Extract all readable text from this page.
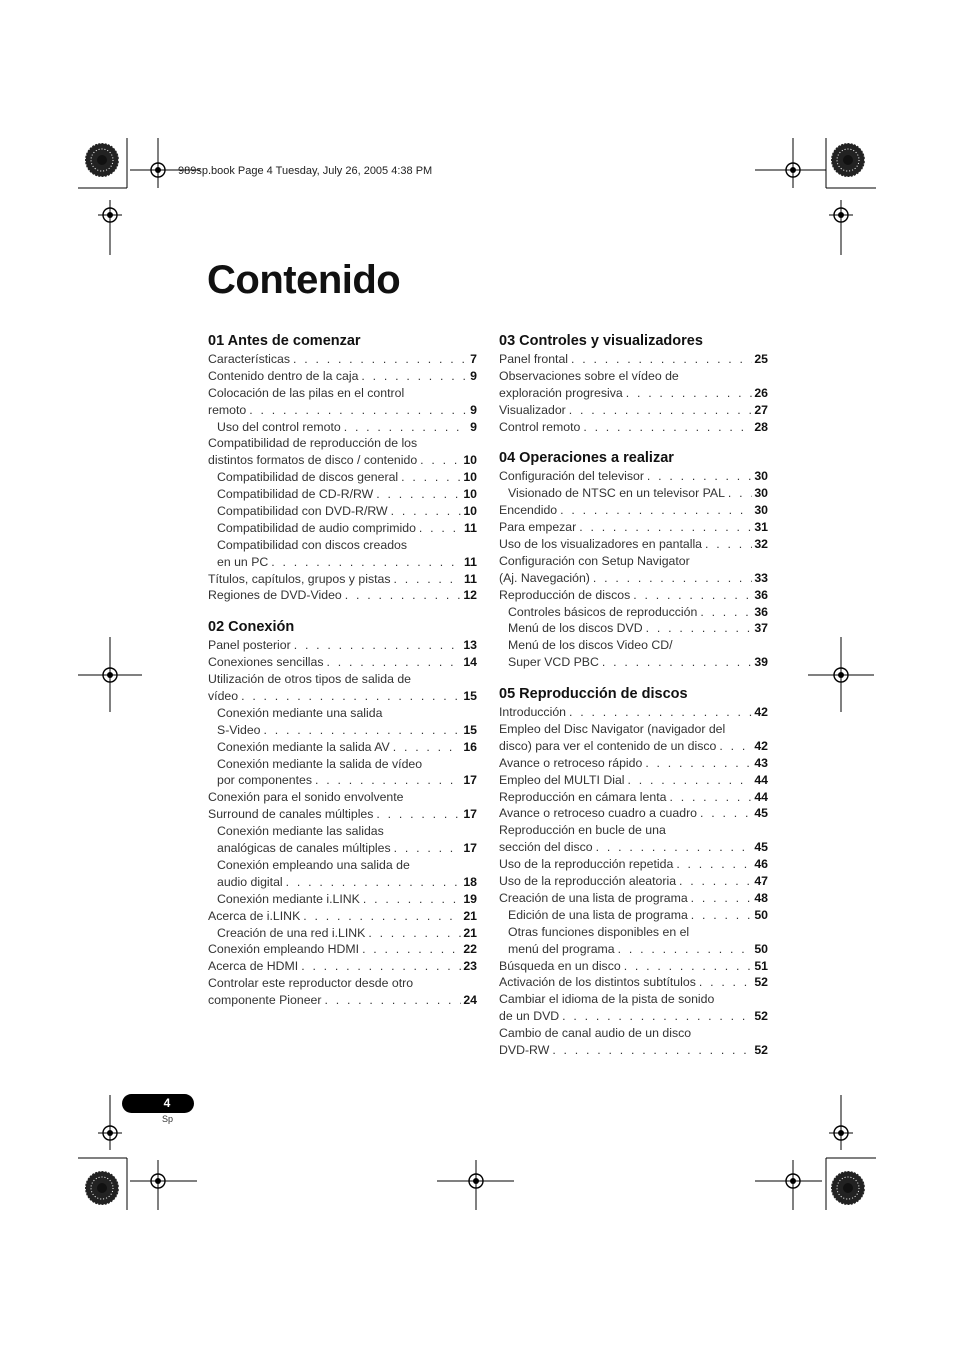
989sp.book Page 4 Tuesday, July 26, 2005 4:38 PM
Contenido
01 Antes de comenzar
Características . . .	7
Contenido dentro de la caja . . .	9
Colocación de las pilas en el control
remoto . . .	9
Uso del control remoto . . .	9
Compatibilidad de reproducción de los
distintos formatos de disco / contenido . . .	10
Compatibilidad de discos general . . .	10
Compatibilidad de CD-R/RW . . .	10
Compatibilidad con DVD-R/RW . . .	10
Compatibilidad de audio comprimido . . .	11
Compatibilidad con discos creados
en un PC . . .	11
Títulos, capítulos, grupos y pistas . . .	11
Regiones de DVD-Video . . .	12
02 Conexión
Panel posterior . . .	13
Conexiones sencillas . . .	14
Utilización de otros tipos de salida de
vídeo . . .	15
Conexión mediante una salida
S-Video . . .	15
Conexión mediante la salida AV . . .	16
Conexión mediante la salida de vídeo
por componentes . . .	17
Conexión para el sonido envolvente
Surround de canales múltiples . . .	17
Conexión mediante las salidas
analógicas de canales múltiples . . .	17
Conexión empleando una salida de
audio digital . . .	18
Conexión mediante i.LINK . . .	19
Acerca de i.LINK . . .	21
Creación de una red i.LINK . . .	21
Conexión empleando HDMI . . .	22
Acerca de HDMI . . .	23
Controlar este reproductor desde otro
componente Pioneer . . .	24
03 Controles y visualizadores
Panel frontal . . .	25
Observaciones sobre el vídeo de
exploración progresiva . . .	26
Visualizador . . .	27
Control remoto . . .	28
04 Operaciones a realizar
Configuración del televisor . . .	30
Visionado de NTSC en un televisor PAL . . . 30
Encendido . . .	30
Para empezar . . .	31
Uso de los visualizadores en pantalla . . .	32
Configuración con Setup Navigator
(Aj. Navegación) . . .	33
Reproducción de discos . . .	36
Controles básicos de reproducción . . .	36
Menú de los discos DVD . . .	37
Menú de los discos Video CD/
Super VCD PBC . . .	39
05 Reproducción de discos
Introducción . . .	42
Empleo del Disc Navigator (navigador del
disco) para ver el contenido de un disco . . .	42
Avance o retroceso rápido . . .	43
Empleo del MULTI Dial . . .	44
Reproducción en cámara lenta . . .	44
Avance o retroceso cuadro a cuadro . . .	45
Reproducción en bucle de una
sección del disco . . .	45
Uso de la reproducción repetida . . .	46
Uso de la reproducción aleatoria . . .	47
Creación de una lista de programa . . .	48
Edición de una lista de programa . . .	50
Otras funciones disponibles en el
menú del programa . . .	50
Búsqueda en un disco . . .	51
Activación de los distintos subtítulos . . .	52
Cambiar el idioma de la pista de sonido
de un DVD . . .	52
Cambio de canal audio de un disco
DVD-RW . . .	52
4
Sp
